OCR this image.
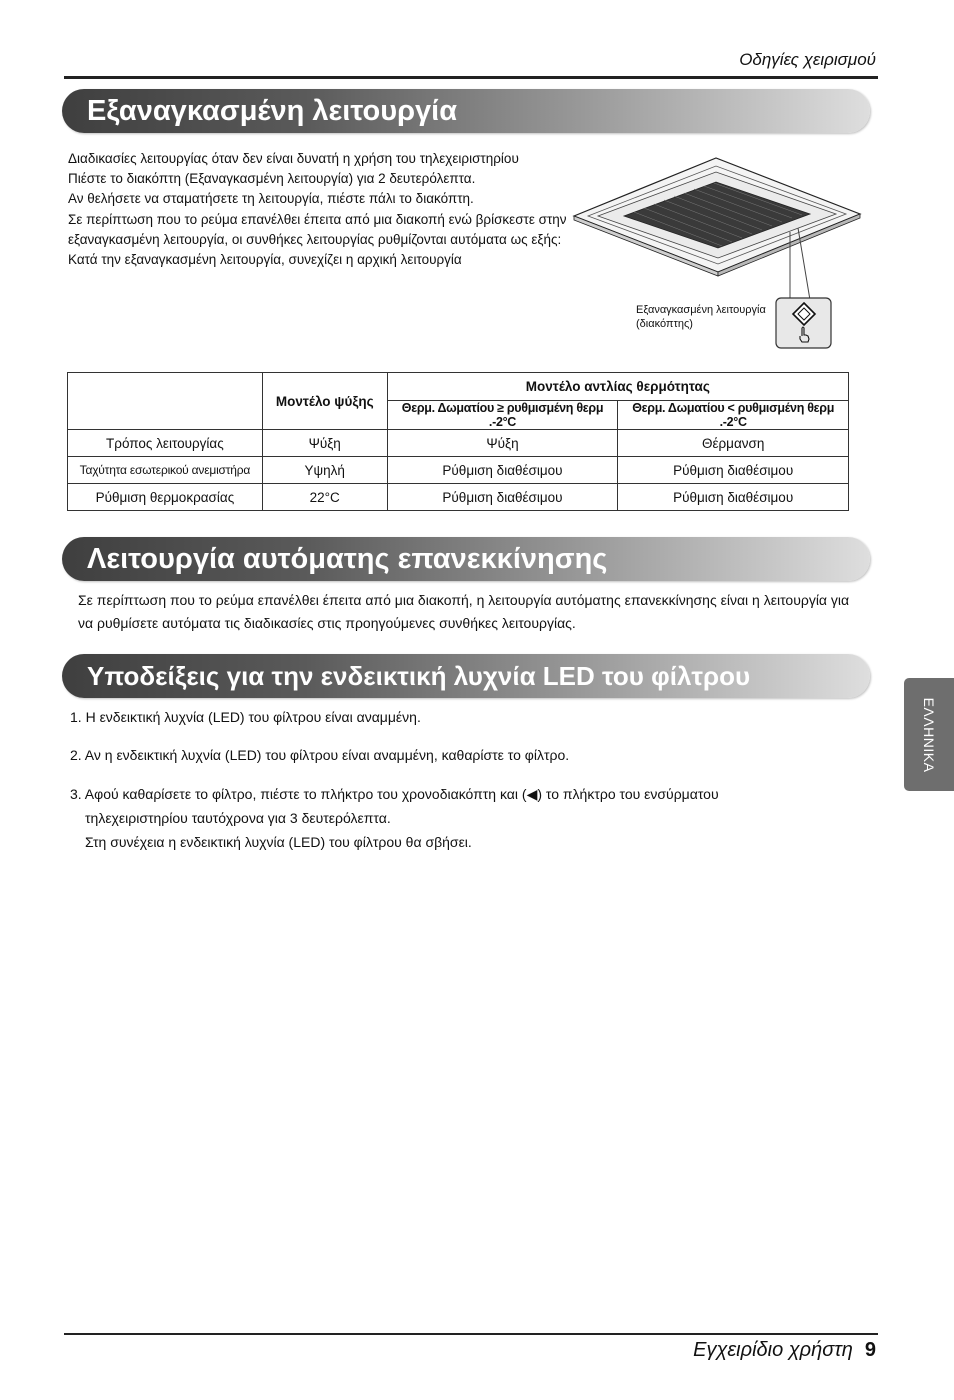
Οδηγίες χειρισμού
Εξαναγκασμένη λειτουργία
Διαδικασίες λειτουργίας όταν δεν είναι δυνατή η χρήση του τηλεχειριστηρίου
Πιέστε το διακόπτη (Εξαναγκασμένη λειτουργία) για 2 δευτερόλεπτα.
Αν θελήσετε να σταματήσετε τη λειτουργία, πιέστε πάλι το διακόπτη.
Σε περίπτωση που το ρεύμα επανέλθει έπειτα από μια διακοπή ενώ βρίσκεστε στην εξαναγκασμένη λειτουργία, οι συνθήκες λειτουργίας ρυθμίζονται αυτόματα ως εξής:
Κατά την εξαναγκασμένη λειτουργία, συνεχίζει η αρχική λειτουργία
Εξαναγκασμένη λειτουργία
(διακόπτης)
	Μοντέλο ψύξης	Μοντέλο αντλίας θερμότητας	
		Θερμ. Δωματίου ≥ ρυθμισμένη θερμ .-2°C	Θερμ. Δωματίου < ρυθμισμένη θερμ .-2°C
Τρόπος λειτουργίας	Ψύξη	Ψύξη	Θέρμανση
Ταχύτητα εσωτερικού ανεμιστήρα	Υψηλή	Ρύθμιση διαθέσιμου	Ρύθμιση διαθέσιμου
Ρύθμιση θερμοκρασίας	22°C	Ρύθμιση διαθέσιμου	Ρύθμιση διαθέσιμου
Λειτουργία αυτόματης επανεκκίνησης
Σε περίπτωση που το ρεύμα επανέλθει έπειτα από μια διακοπή, η λειτουργία αυτόματης επανεκκίνησης είναι η λειτουργία για να ρυθμίσετε αυτόματα τις διαδικασίες στις προηγούμενες συνθήκες λειτουργίας.
Υποδείξεις για την ενδεικτική λυχνία LED του φίλτρου
1. Η ενδεικτική λυχνία (LED) του φίλτρου είναι αναμμένη.
2. Αν η ενδεικτική λυχνία (LED) του φίλτρου είναι αναμμένη, καθαρίστε το φίλτρο.
3. Αφού καθαρίσετε το φίλτρο, πιέστε το πλήκτρο του χρονοδιακόπτη και (◀) το πλήκτρο του ενσύρματου
τηλεχειριστηρίου ταυτόχρονα για 3 δευτερόλεπτα.
Στη συνέχεια η ενδεικτική λυχνία (LED) του φίλτρου θα σβήσει.
ΕΛΛΗΝΙΚΑ
Εγχειρίδιο χρήστη 9
